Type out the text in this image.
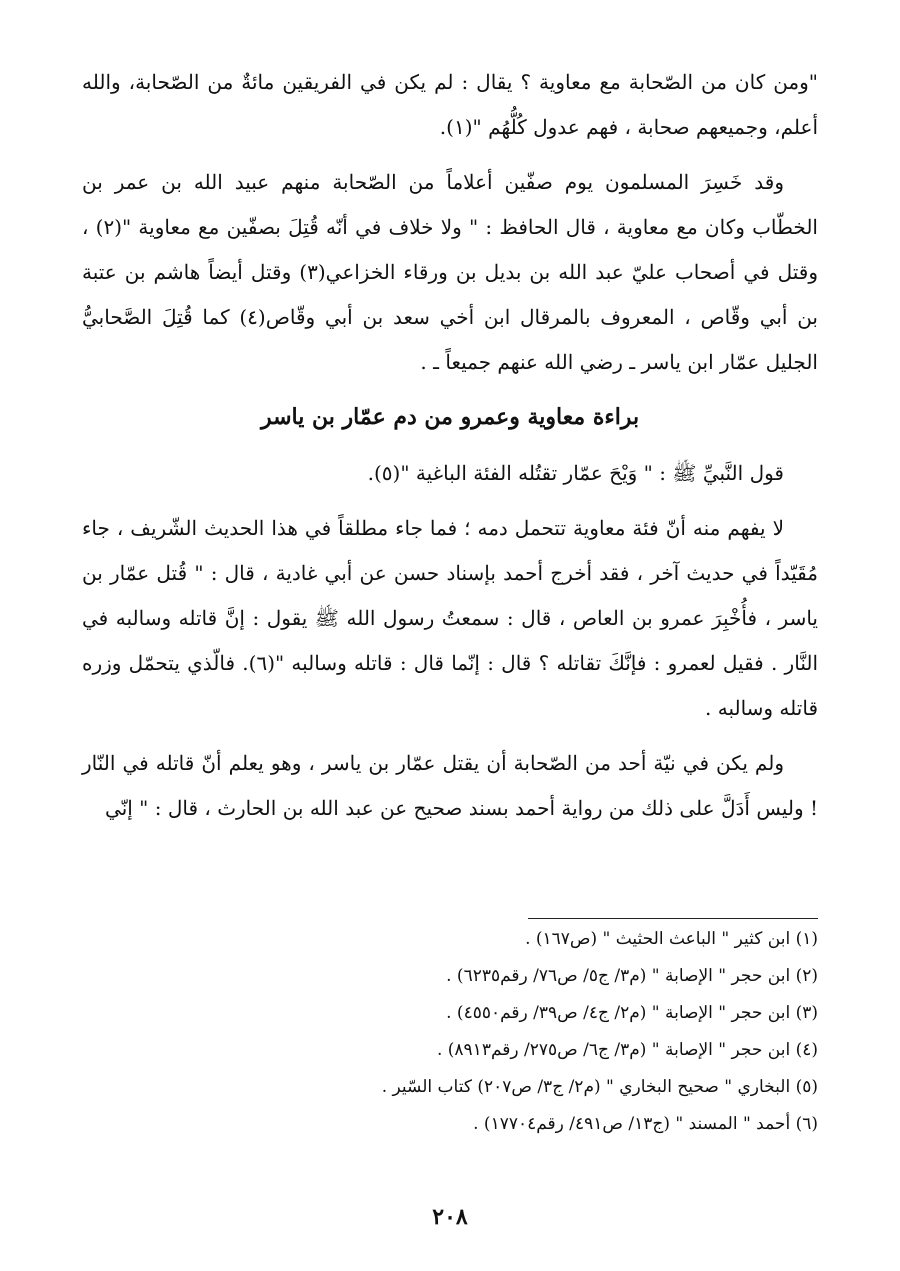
"ومن كان من الصّحابة مع معاوية ؟ يقال : لم يكن في الفريقين مائةٌ من الصّحابة، والله أعلم، وجميعهم صحابة ، فهم عدول كُلُّهُم "(١).

وقد خَسِرَ المسلمون يوم صفّين أعلاماً من الصّحابة منهم عبيد الله بن عمر بن الخطّاب وكان مع معاوية ، قال الحافظ : " ولا خلاف في أنّه قُتِلَ بصفّين مع معاوية "(٢) ، وقتل في أصحاب عليّ عبد الله بن بديل بن ورقاء الخزاعي(٣) وقتل أيضاً هاشم بن عتبة بن أبي وقّاص ، المعروف بالمرقال ابن أخي سعد بن أبي وقّاص(٤) كما قُتِلَ الصَّحابيُّ الجليل عمّار ابن ياسر ـ رضي الله عنهم جميعاً ـ .

براءة معاوية وعمرو من دم عمّار بن ياسر

قول النَّبيِّ ﷺ : " وَيْحَ عمّار تقتُله الفئة الباغية "(٥).

لا يفهم منه أنّ فئة معاوية تتحمل دمه ؛ فما جاء مطلقاً في هذا الحديث الشّريف ، جاء مُقَيّداً في حديث آخر ، فقد أخرج أحمد بإسناد حسن عن أبي غادية ، قال : " قُتل عمّار بن ياسر ، فأُخْبِرَ عمرو بن العاص ، قال : سمعتُ رسول الله ﷺ يقول : إنَّ قاتله وسالبه في النَّار . فقيل لعمرو : فإنَّكَ تقاتله ؟ قال : إنّما قال : قاتله وسالبه "(٦). فالّذي يتحمّل وزره قاتله وسالبه .

ولم يكن في نيّة أحد من الصّحابة أن يقتل عمّار بن ياسر ، وهو يعلم أنّ قاتله في النّار ! وليس أَدَلَّ على ذلك من رواية أحمد بسند صحيح عن عبد الله بن الحارث ، قال : " إنّي

(١) ابن كثير " الباعث الحثيث " (ص١٦٧) .
(٢) ابن حجر " الإصابة " (م٣/ ج٥/ ص٧٦/ رقم٦٢٣٥) .
(٣) ابن حجر " الإصابة " (م٢/ ج٤/ ص٣٩/ رقم٤٥٥٠) .
(٤) ابن حجر " الإصابة " (م٣/ ج٦/ ص٢٧٥/ رقم٨٩١٣) .
(٥) البخاري " صحيح البخاري " (م٢/ ج٣/ ص٢٠٧) كتاب السّير .
(٦) أحمد " المسند " (ج١٣/ ص٤٩١/ رقم١٧٧٠٤) .
٢٠٨
